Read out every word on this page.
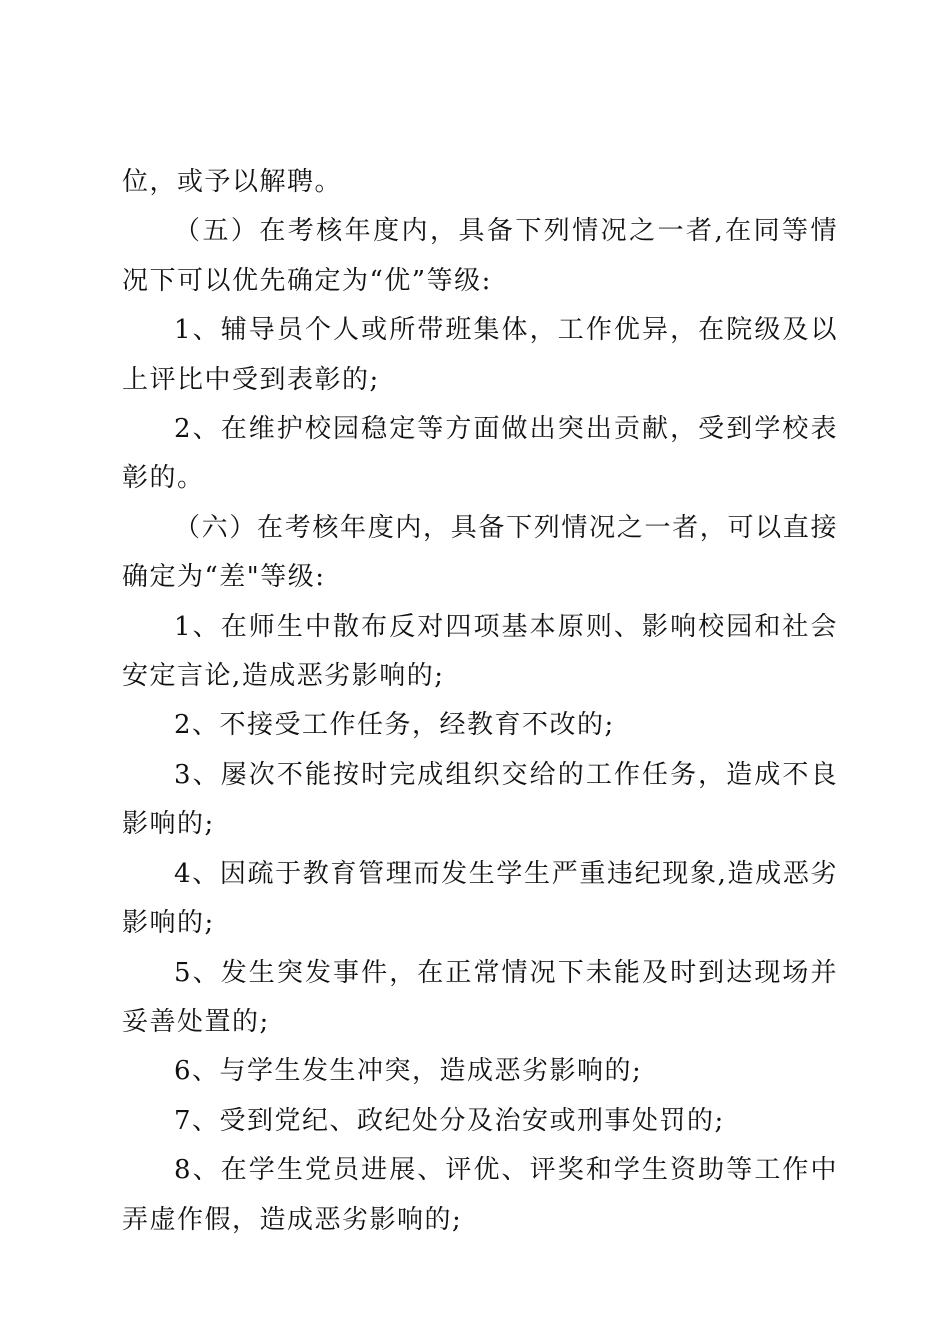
位，或予以解聘。

（五）在考核年度内，具备下列情况之一者,在同等情况下可以优先确定为“优”等级:

1、辅导员个人或所带班集体，工作优异，在院级及以上评比中受到表彰的;

2、在维护校园稳定等方面做出突出贡献，受到学校表彰的。

（六）在考核年度内，具备下列情况之一者，可以直接确定为“差"等级:

1、在师生中散布反对四项基本原则、影响校园和社会安定言论,造成恶劣影响的;

2、不接受工作任务，经教育不改的;

3、屡次不能按时完成组织交给的工作任务，造成不良影响的;

4、因疏于教育管理而发生学生严重违纪现象,造成恶劣影响的;

5、发生突发事件，在正常情况下未能及时到达现场并妥善处置的;

6、与学生发生冲突，造成恶劣影响的;

7、受到党纪、政纪处分及治安或刑事处罚的;

8、在学生党员进展、评优、评奖和学生资助等工作中弄虚作假，造成恶劣影响的;
